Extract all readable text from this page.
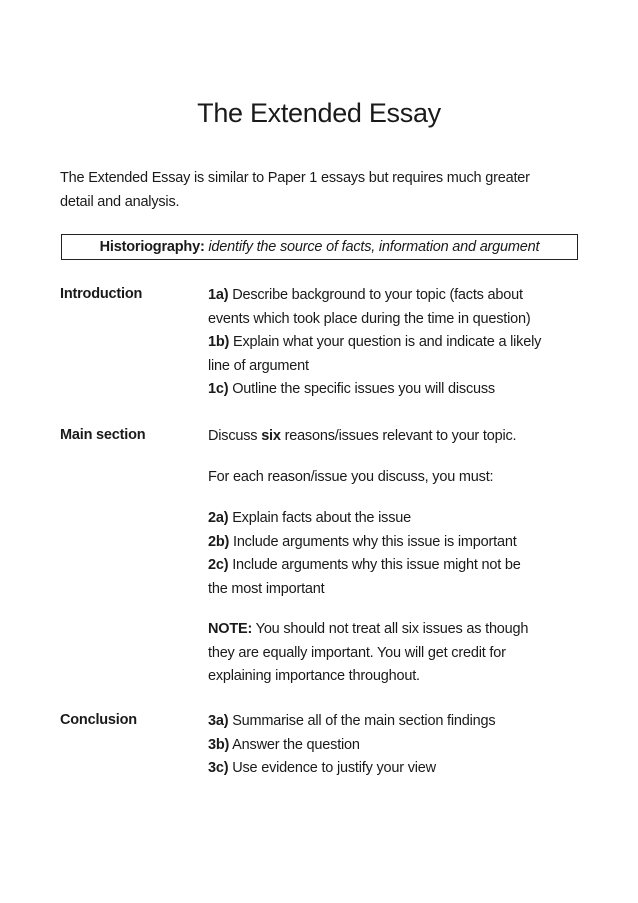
The Extended Essay
The Extended Essay is similar to Paper 1 essays but requires much greater
detail and analysis.
Historiography: identify the source of facts, information and argument
Introduction	1a) Describe background to your topic (facts about
events which took place during the time in question)
1b) Explain what your question is and indicate a likely
line of argument
1c) Outline the specific issues you will discuss
Main section	Discuss six reasons/issues relevant to your topic.
For each reason/issue you discuss, you must:
2a) Explain facts about the issue
2b) Include arguments why this issue is important
2c) Include arguments why this issue might not be
the most important
NOTE: You should not treat all six issues as though
they are equally important. You will get credit for
explaining importance throughout.
Conclusion	3a) Summarise all of the main section findings
3b) Answer the question
3c) Use evidence to justify your view
